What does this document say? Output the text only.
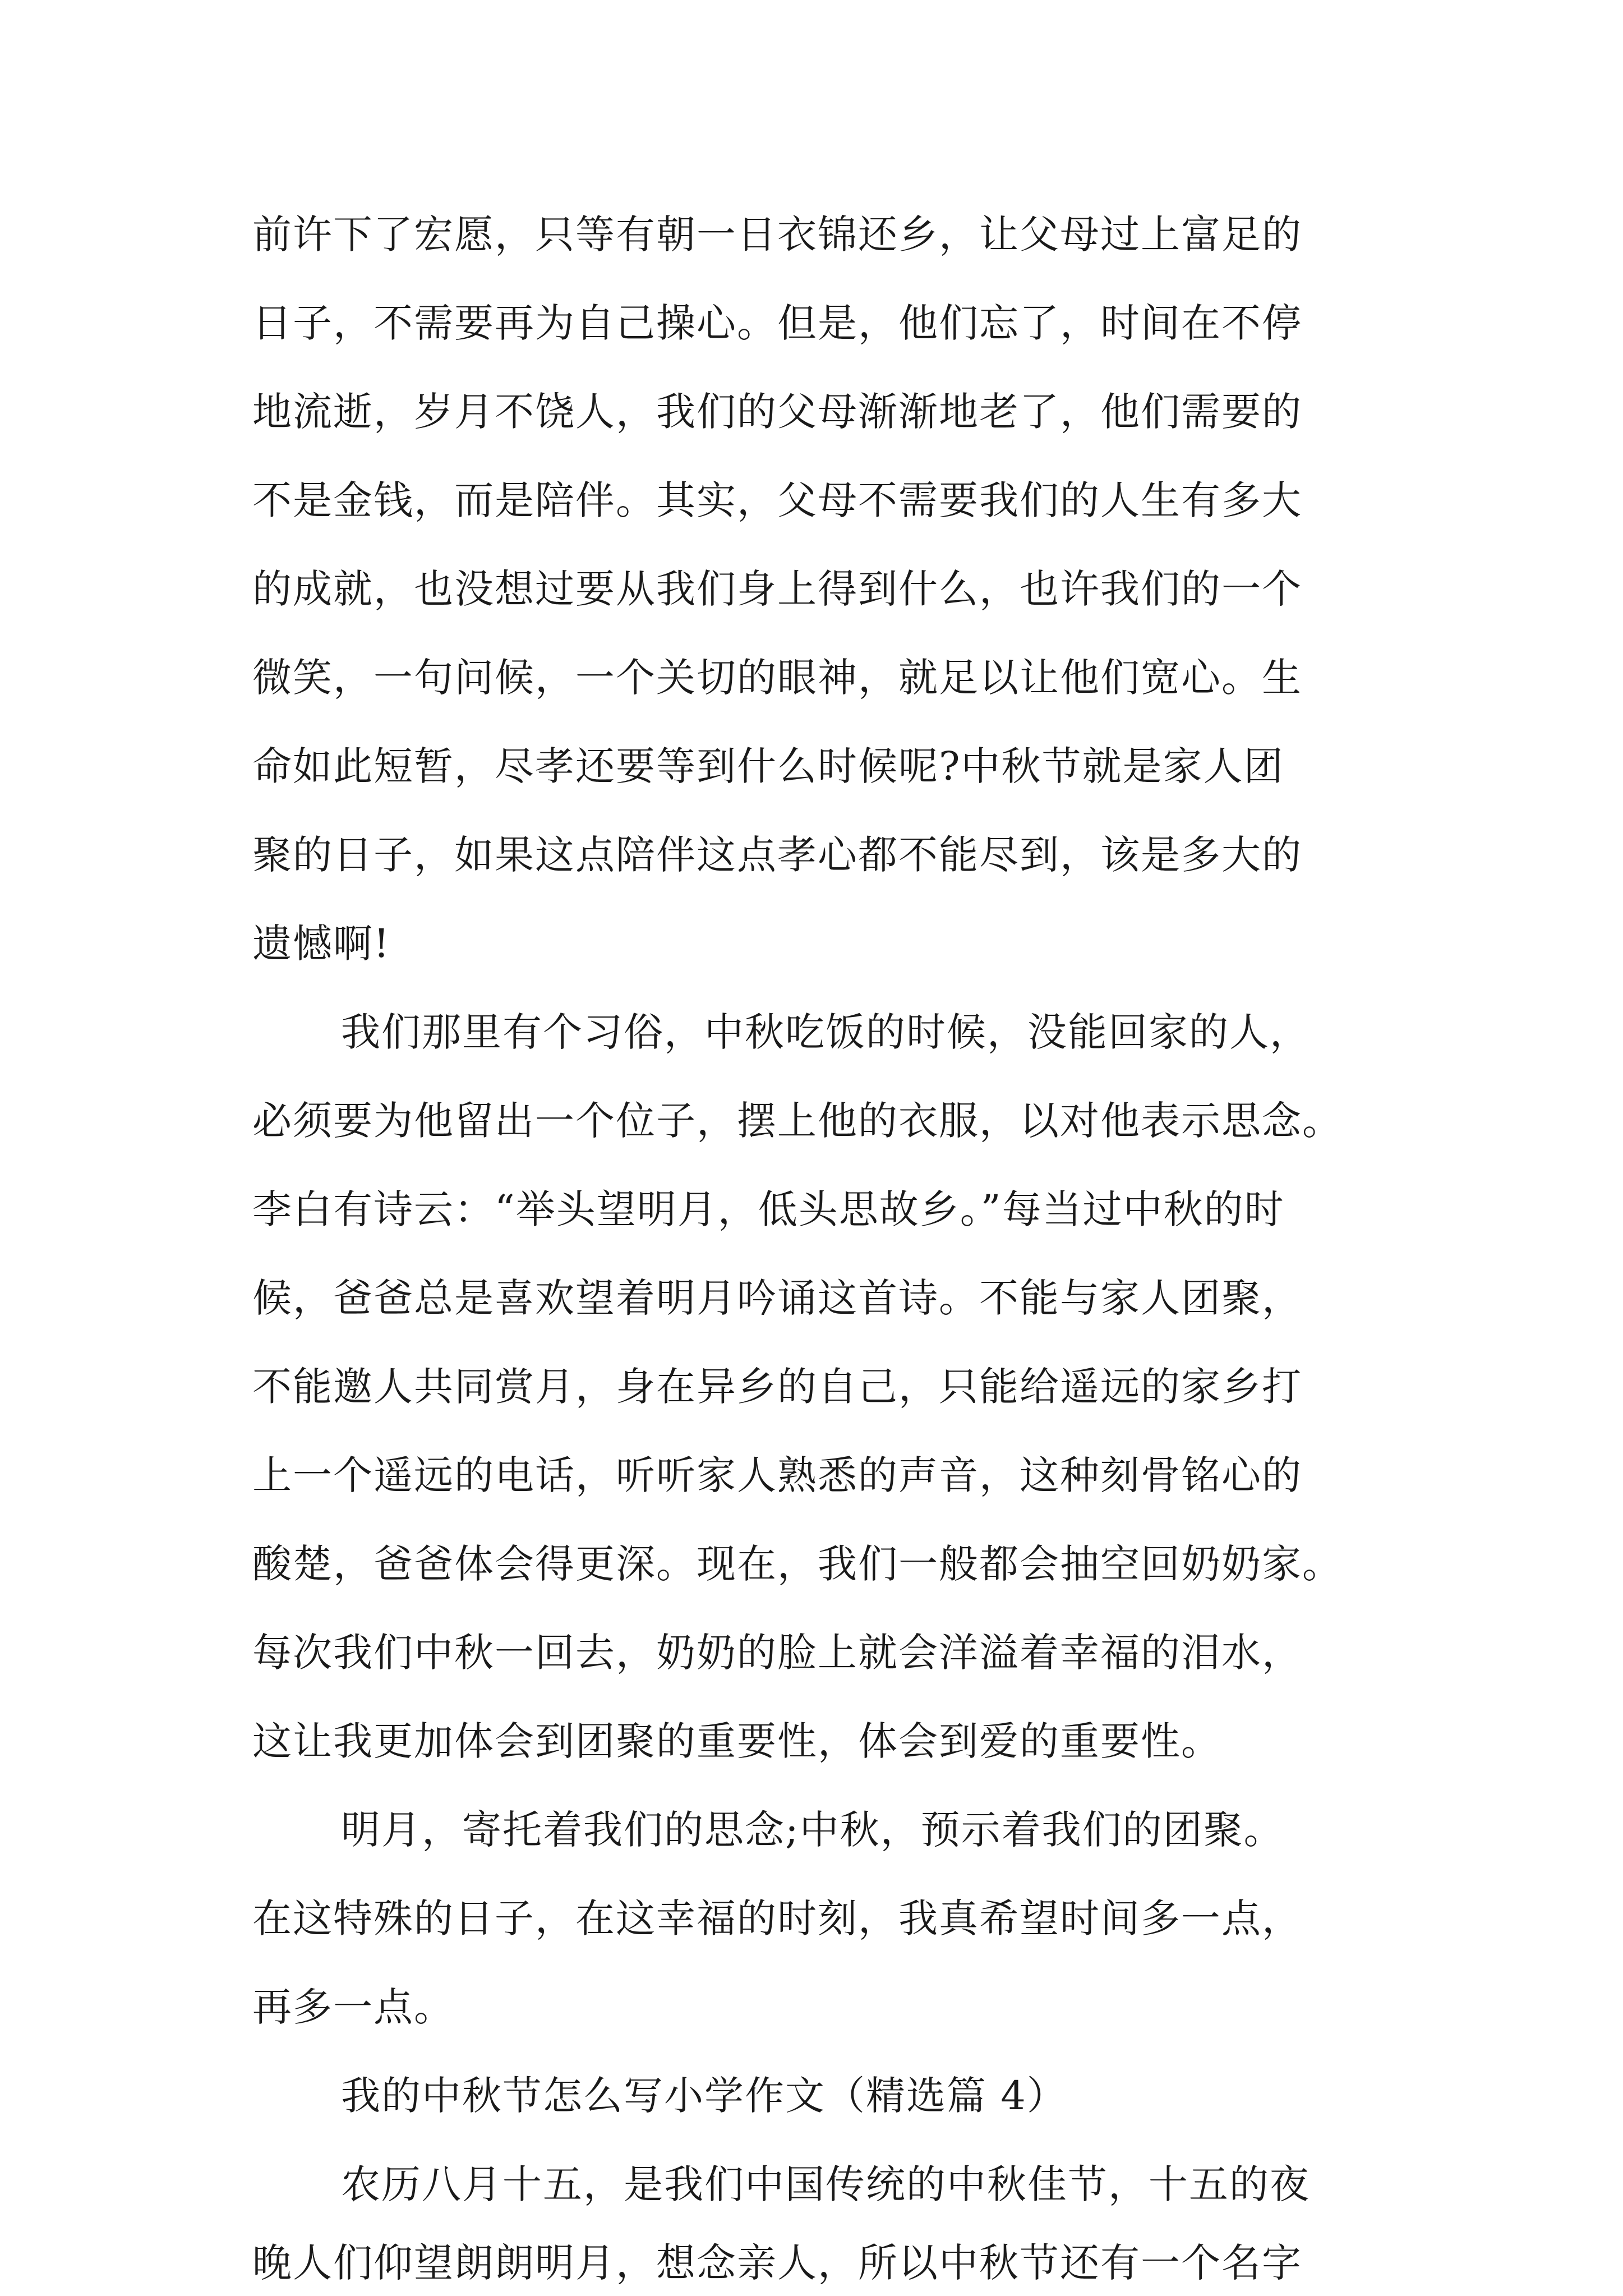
前许下了宏愿，只等有朝一日衣锦还乡，让父母过上富足的
日子，不需要再为自己操心。但是，他们忘了，时间在不停
地流逝，岁月不饶人，我们的父母渐渐地老了，他们需要的
不是金钱，而是陪伴。其实，父母不需要我们的人生有多大
的成就，也没想过要从我们身上得到什么，也许我们的一个
微笑，一句问候，一个关切的眼神，就足以让他们宽心。生
命如此短暂，尽孝还要等到什么时候呢?中秋节就是家人团
聚的日子，如果这点陪伴这点孝心都不能尽到，该是多大的
遗憾啊!
我们那里有个习俗，中秋吃饭的时候，没能回家的人，
必须要为他留出一个位子，摆上他的衣服，以对他表示思念。
李白有诗云：“举头望明月，低头思故乡。”每当过中秋的时
候，爸爸总是喜欢望着明月吟诵这首诗。不能与家人团聚，
不能邀人共同赏月，身在异乡的自己，只能给遥远的家乡打
上一个遥远的电话，听听家人熟悉的声音，这种刻骨铭心的
酸楚，爸爸体会得更深。现在，我们一般都会抽空回奶奶家。
每次我们中秋一回去，奶奶的脸上就会洋溢着幸福的泪水，
这让我更加体会到团聚的重要性，体会到爱的重要性。
明月，寄托着我们的思念;中秋，预示着我们的团聚。
在这特殊的日子，在这幸福的时刻，我真希望时间多一点，
再多一点。
我的中秋节怎么写小学作文（精选篇 4）
农历八月十五，是我们中国传统的中秋佳节，十五的夜
晚人们仰望朗朗明月，想念亲人，所以中秋节还有一个名字
